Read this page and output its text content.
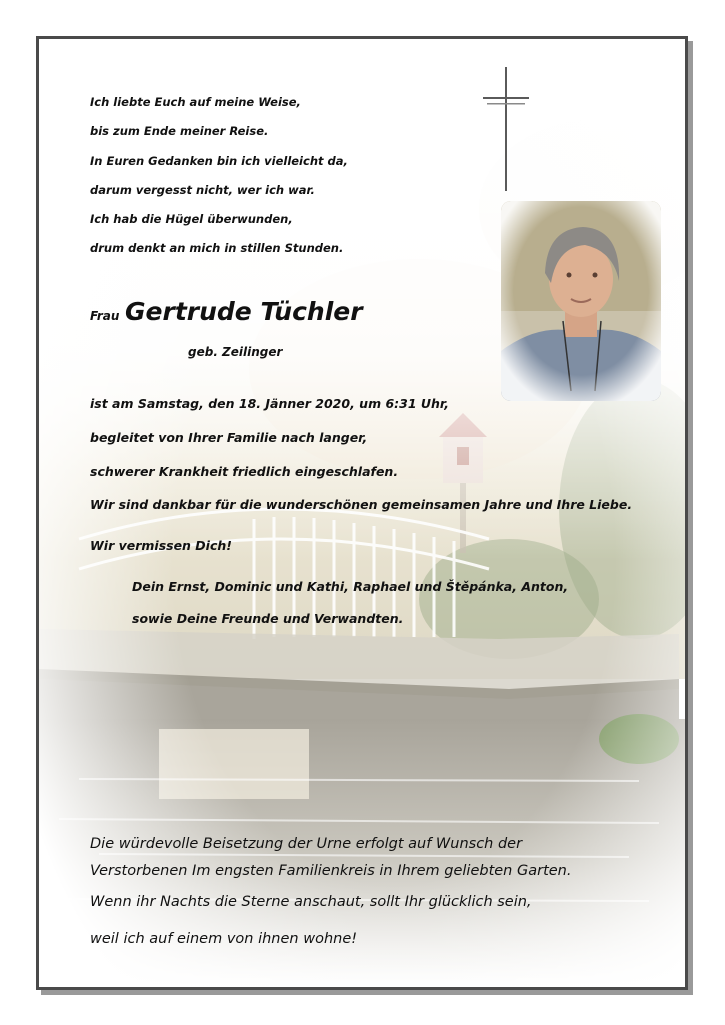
Ich liebte Euch auf meine Weise,
bis zum Ende meiner Reise.
In Euren Gedanken bin ich vielleicht da,
darum vergesst nicht, wer ich war.
Ich hab die Hügel überwunden,
drum denkt an mich in stillen Stunden.
Frau Gertrude Tüchler
geb. Zeilinger
ist am Samstag, den 18. Jänner 2020, um 6:31 Uhr,
begleitet von Ihrer Familie nach langer,
schwerer Krankheit friedlich eingeschlafen.
Wir sind dankbar für die wunderschönen gemeinsamen Jahre und Ihre Liebe.
Wir vermissen Dich!
Dein Ernst, Dominic und Kathi, Raphael und Štěpánka, Anton,
sowie Deine Freunde und Verwandten.
Die würdevolle Beisetzung der Urne erfolgt auf Wunsch der
Verstorbenen Im engsten Familienkreis in Ihrem geliebten Garten.
Wenn ihr Nachts die Sterne anschaut, sollt Ihr glücklich sein,
weil ich auf einem von ihnen wohne!
